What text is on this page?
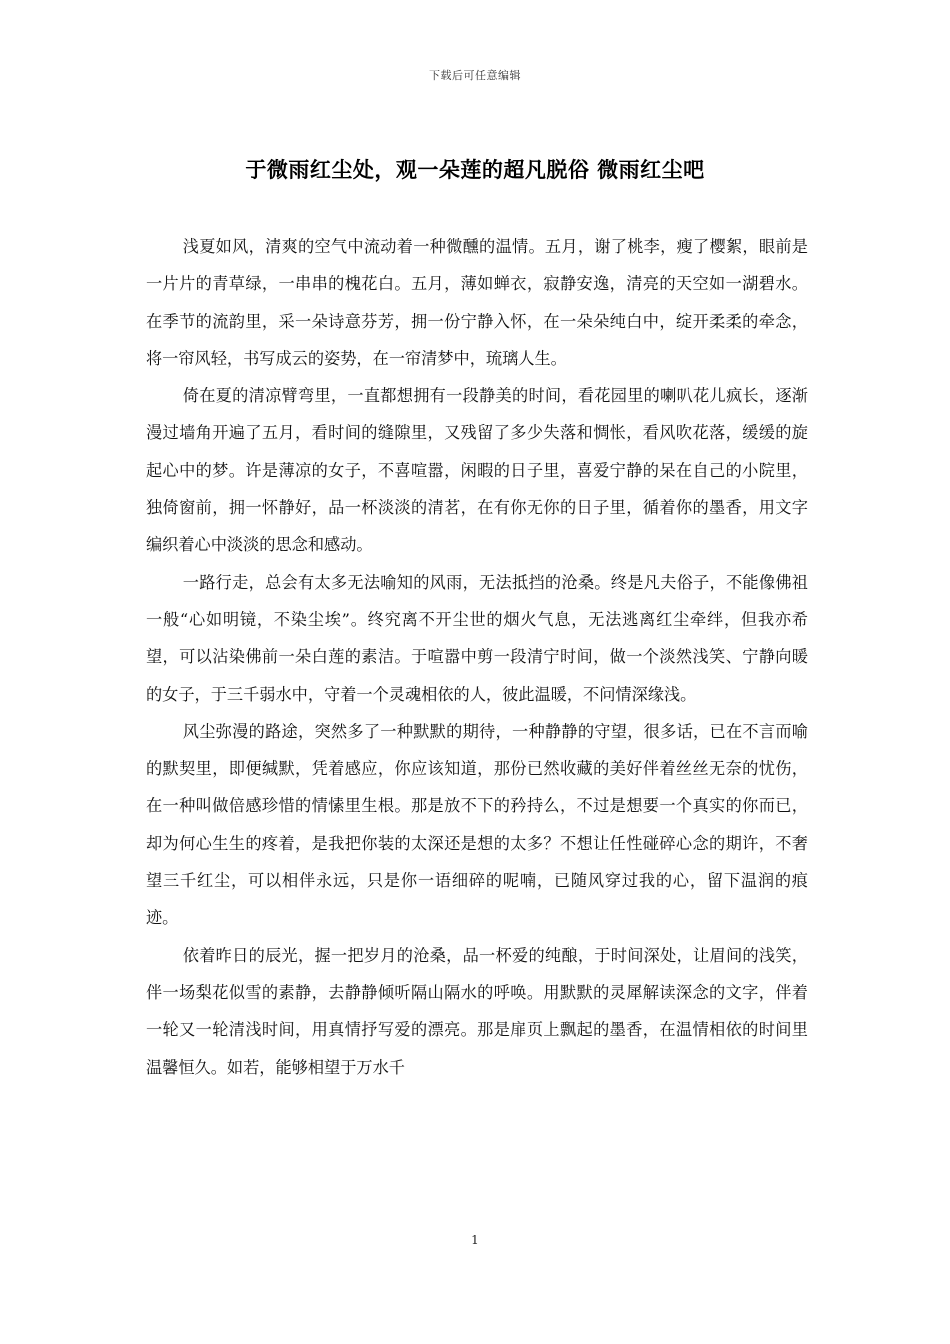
下载后可任意编辑
于微雨红尘处，观一朵莲的超凡脱俗 微雨红尘吧

浅夏如风，清爽的空气中流动着一种微醺的温情。五月，谢了桃李，瘦了樱絮，眼前是一片片的青草绿，一串串的槐花白。五月，薄如蝉衣，寂静安逸，清亮的天空如一湖碧水。在季节的流韵里，采一朵诗意芬芳，拥一份宁静入怀，在一朵朵纯白中，绽开柔柔的牵念，将一帘风轻，书写成云的姿势，在一帘清梦中，琉璃人生。

倚在夏的清凉臂弯里，一直都想拥有一段静美的时间，看花园里的喇叭花儿疯长，逐渐漫过墙角开遍了五月，看时间的缝隙里，又残留了多少失落和惆怅，看风吹花落，缓缓的旋起心中的梦。许是薄凉的女子，不喜喧嚣，闲暇的日子里，喜爱宁静的呆在自己的小院里，独倚窗前，拥一怀静好，品一杯淡淡的清茗，在有你无你的日子里，循着你的墨香，用文字编织着心中淡淡的思念和感动。

一路行走，总会有太多无法喻知的风雨，无法抵挡的沧桑。终是凡夫俗子，不能像佛祖一般“心如明镜，不染尘埃”。终究离不开尘世的烟火气息，无法逃离红尘牵绊，但我亦希望，可以沾染佛前一朵白莲的素洁。于喧嚣中剪一段清宁时间，做一个淡然浅笑、宁静向暖的女子，于三千弱水中，守着一个灵魂相依的人，彼此温暖，不问情深缘浅。

风尘弥漫的路途，突然多了一种默默的期待，一种静静的守望，很多话，已在不言而喻的默契里，即便缄默，凭着感应，你应该知道，那份已然收藏的美好伴着丝丝无奈的忧伤，在一种叫做倍感珍惜的情愫里生根。那是放不下的矜持么，不过是想要一个真实的你而已，却为何心生生的疼着，是我把你装的太深还是想的太多？不想让任性碰碎心念的期许，不奢望三千红尘，可以相伴永远，只是你一语细碎的呢喃，已随风穿过我的心，留下温润的痕迹。

依着昨日的辰光，握一把岁月的沧桑，品一杯爱的纯酿，于时间深处，让眉间的浅笑，伴一场梨花似雪的素静，去静静倾听隔山隔水的呼唤。用默默的灵犀解读深念的文字，伴着一轮又一轮清浅时间，用真情抒写爱的漂亮。那是扉页上飘起的墨香，在温情相依的时间里温馨恒久。如若，能够相望于万水千

1
